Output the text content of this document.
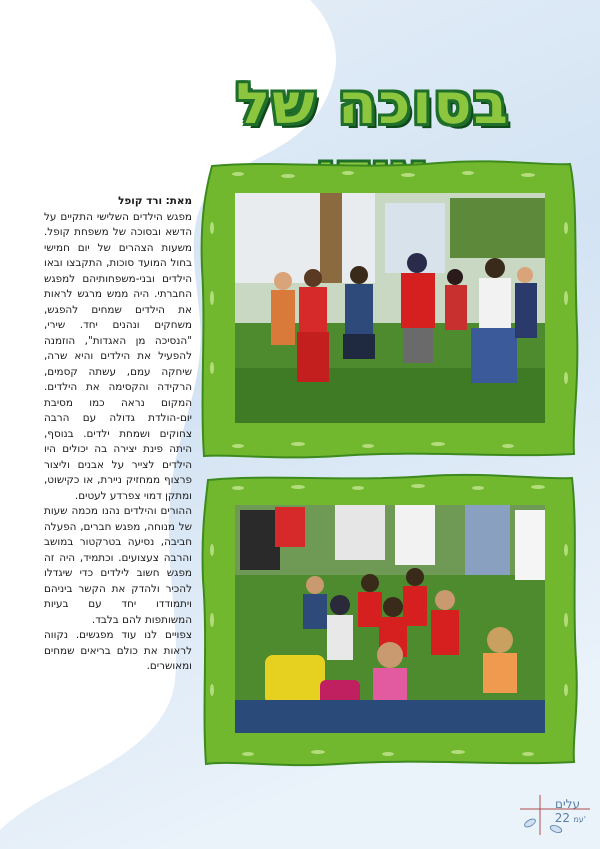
בסוכה של

מאת: ורד קופל

מפגש הילדים השלישי התקיים על הדשא ובסוכה של משפחת קופל. משעות הצהרים של יום חמישי בחול המועד סוכות, התקבצו ובאו הילדים ובני-משפחותיהם למפגש החברתי. היה ממש מרגש לראות את הילדים שמחים להפגש, משחקים ונהנים יחד. שירי, "הנסיכה מן האגדות", הוזמנה להפעיל את הילדים והיא שרה, שיחקה עמם, עשתה קסמים, הרקידה והקסימה את הילדים. המקום נראה כמו מסיבת יום-הולדת גדולה עם הרבה צחוקים ושמחת ילדים. בנוסף, היתה פינת יצירה בה יכולים היו הילדים לצייר על אבנים וליצור פרצוף ממחזיק ניירת, או כקישוט, ומתקן דמוי צפרדע לעטים.

ההורים והילדים נהנו מכמה שעות של מנוחה, מפגש חברים, הפעלה חביבה, נסיעה בטרקטור במושב והרבה צעצועים. וכתמיד, היה זה מפגש חשוב לילדים כדי שיגדלו להכיר ולהדק את הקשר ביניהם ויתמודדו יחד עם בעיות המשותפות להם בלבד.

צפויים לנו עוד מפגשים. נקווה לראות את כולם בריאים שמחים ומאושרים.

עלים
22 עמ'
